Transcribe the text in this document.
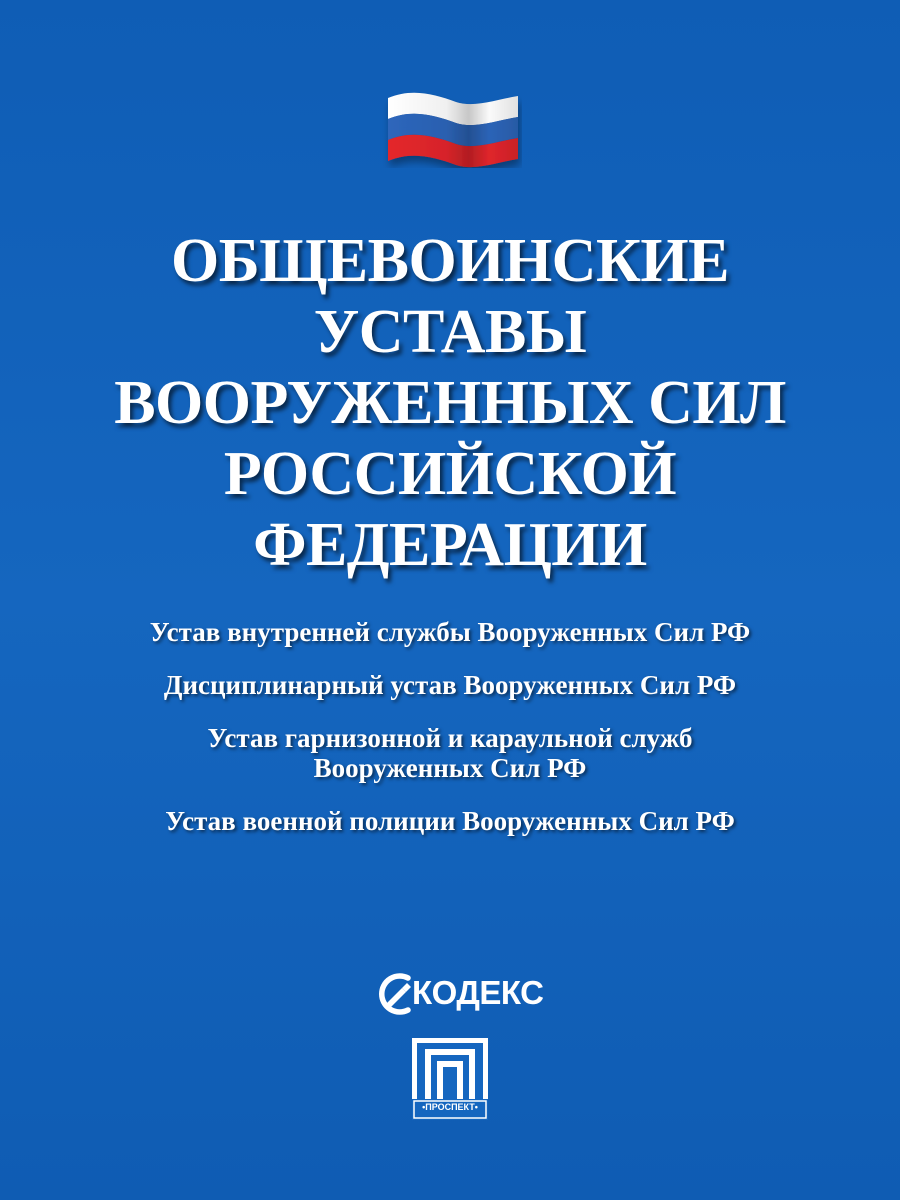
ОБЩЕВОИНСКИЕ
УСТАВЫ
ВООРУЖЕННЫХ СИЛ
РОССИЙСКОЙ
ФЕДЕРАЦИИ
Устав внутренней службы Вооруженных Сил РФ
Дисциплинарный устав Вооруженных Сил РФ
Устав гарнизонной и караульной служб
Вооруженных Сил РФ
Устав военной полиции Вооруженных Сил РФ
КОДЕКС
•ПРОСПЕКТ•
